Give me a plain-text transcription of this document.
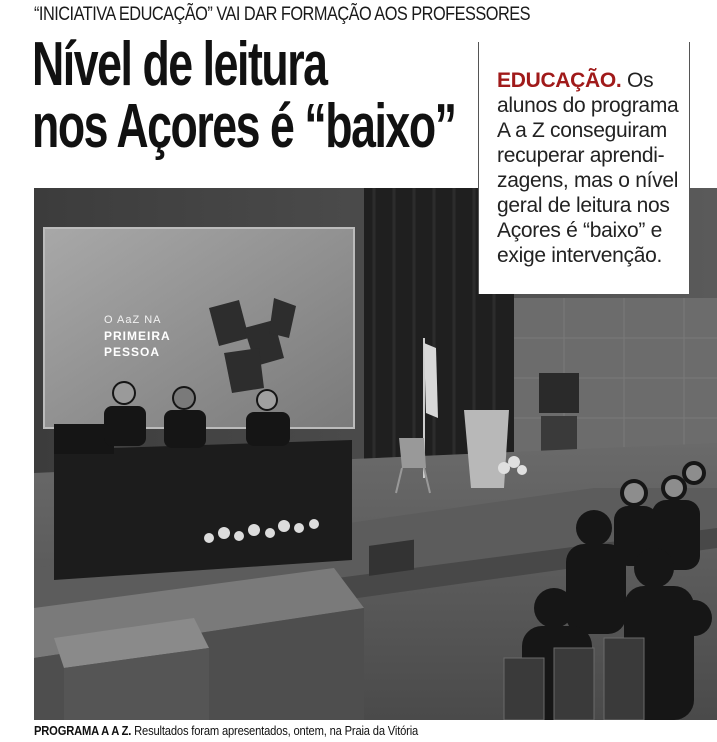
“INICIATIVA EDUCAÇÃO” VAI DAR FORMAÇÃO AOS PROFESSORES
Nível de leitura
nos Açores é “baixo”
O AaZ NA
PRIMEIRA
PESSOA

EDUCAÇÃO. Os alunos do programa A a Z conseguiram recuperar aprendi-zagens, mas o nível geral de leitura nos Açores é “baixo” e exige intervenção.

PROGRAMA A A Z. Resultados foram apresentados, ontem, na Praia da Vitória
